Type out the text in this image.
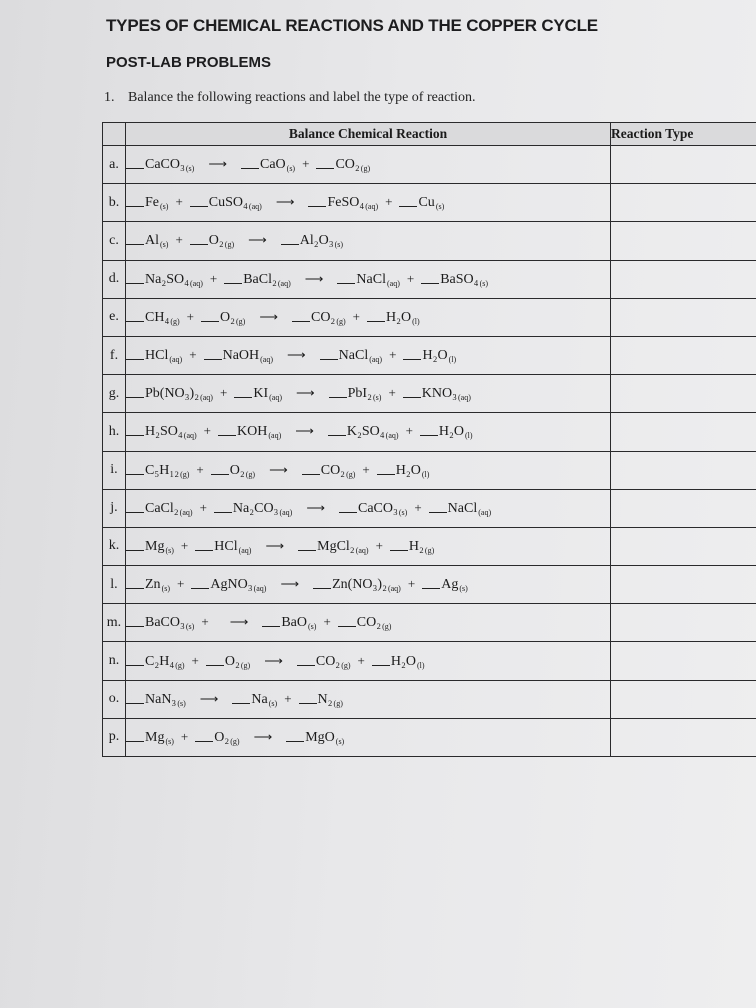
TYPES OF CHEMICAL REACTIONS AND THE COPPER CYCLE
POST-LAB PROBLEMS
1. Balance the following reactions and label the type of reaction.
	Balance Chemical Reaction	Reaction Type
a.	$CaCO_3_{(s)}$ ⟶ $CaO_{(s)} + CO_2_{(g)}$	
b.	$Fe_{(s)}$ + $CuSO_4_{(aq)}$ ⟶ $FeSO_4_{(aq)} + Cu_{(s)}$	
c.	$Al_{(s)} + O_2_{(g)}$ ⟶ $Al_2O_3_{(s)}$	
d.	$Na_2SO_4_{(aq)}$ + $BaCl_2_{(aq)}$ ⟶ NaCl$_{(aq)}$ + $BaSO_4_{(s)}$	
e.	$CH_4_{(g)} + O_2_{(g)}$ ⟶ $CO_2_{(g)} + H_2O_{(l)}$	
f.	HCl$_{(aq)}$ + NaOH$_{(aq)}$ ⟶ NaCl$_{(aq)}$ + $H_2O_{(l)}$	
g.	$Pb(NO_3)_2_{(aq)} + KI_{(aq)}$ ⟶ $PbI_2_{(s)} + KNO_3_{(aq)}$	
h.	$H_2SO_4_{(aq)} + KOH_{(aq)}$ ⟶ $K_2SO_4_{(aq)} + H_2O_{(l)}$	
i.	$C_5H_{12}_{(g)} + O_2_{(g)}$ ⟶ $CO_2_{(g)} + H_2O_{(l)}$	
j.	$CaCl_2_{(aq)} + Na_2CO_3_{(aq)}$ ⟶ $CaCO_3_{(s)}$ + NaCl$_{(aq)}$	
k.	$Mg_{(s)} + HCl_{(aq)}$ ⟶ $MgCl_2_{(aq)} + H_2_{(g)}$	
l.	$Zn_{(s)}$ + $AgNO_3_{(aq)}$ ⟶ $Zn(NO_3)_2_{(aq)} + Ag_{(s)}$	
m.	$BaCO_3_{(s)}$ + ⟶ $BaO_{(s)} + CO_2_{(g)}$	
n.	$C_2H_4_{(g)} + O_2_{(g)}$ ⟶ $CO_2_{(g)} + H_2O_{(l)}$	
o.	$NaN_3_{(s)}$ ⟶ $Na_{(s)} + N_2_{(g)}$	
p.	$Mg_{(s)} + O_2_{(g)}$ ⟶ MgO$_{(s)}$	
